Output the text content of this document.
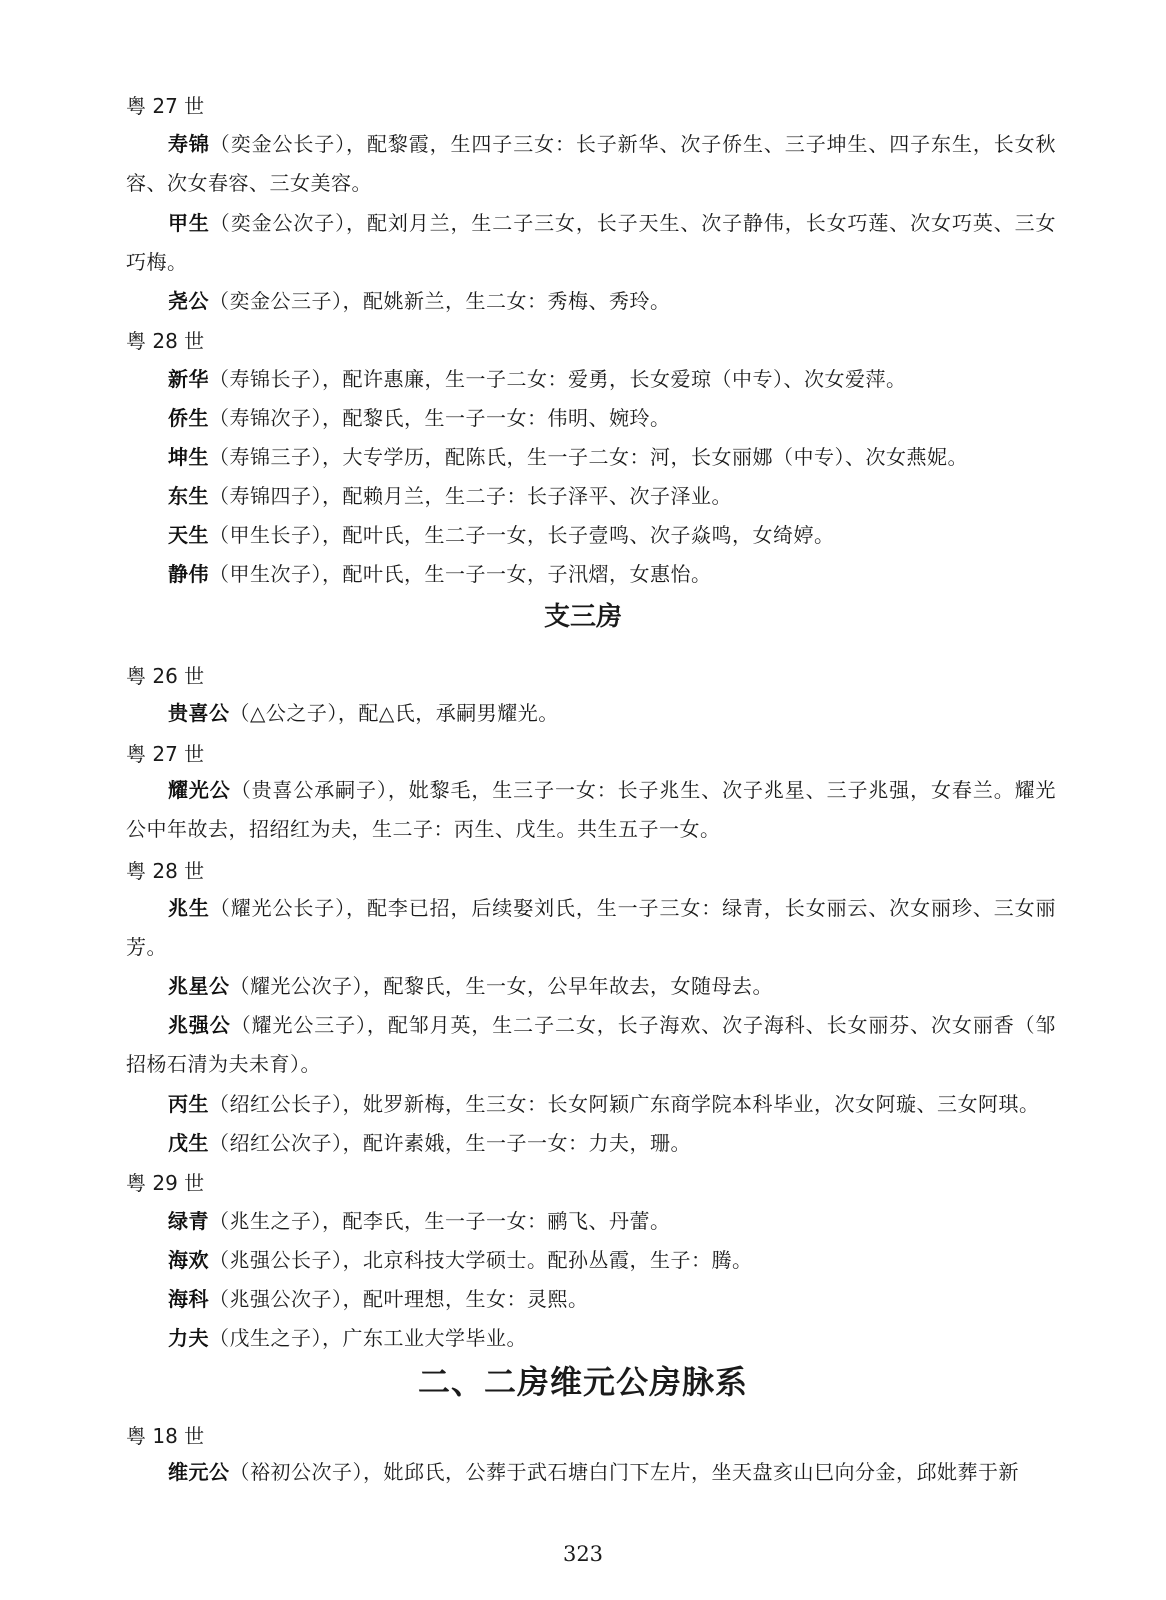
粤 27 世

寿锦（奕金公长子），配黎霞，生四子三女：长子新华、次子侨生、三子坤生、四子东生，长女秋容、次女春容、三女美容。

甲生（奕金公次子），配刘月兰，生二子三女，长子天生、次子静伟，长女巧莲、次女巧英、三女巧梅。

尧公（奕金公三子），配姚新兰，生二女：秀梅、秀玲。

粤 28 世

新华（寿锦长子），配许惠廉，生一子二女：爱勇，长女爱琼（中专）、次女爱萍。

侨生（寿锦次子），配黎氏，生一子一女：伟明、婉玲。

坤生（寿锦三子），大专学历，配陈氏，生一子二女：河，长女丽娜（中专）、次女燕妮。

东生（寿锦四子），配赖月兰，生二子：长子泽平、次子泽业。

天生（甲生长子），配叶氏，生二子一女，长子壹鸣、次子焱鸣，女绮婷。

静伟（甲生次子），配叶氏，生一子一女，子汛熠，女惠怡。

支三房
粤 26 世

贵喜公（△公之子），配△氏，承嗣男耀光。

粤 27 世

耀光公（贵喜公承嗣子），妣黎毛，生三子一女：长子兆生、次子兆星、三子兆强，女春兰。耀光公中年故去，招绍红为夫，生二子：丙生、戊生。共生五子一女。

粤 28 世

兆生（耀光公长子），配李已招，后续娶刘氏，生一子三女：绿青，长女丽云、次女丽珍、三女丽芳。

兆星公（耀光公次子），配黎氏，生一女，公早年故去，女随母去。

兆强公（耀光公三子），配邹月英，生二子二女，长子海欢、次子海科、长女丽芬、次女丽香（邹招杨石清为夫未育）。

丙生（绍红公长子），妣罗新梅，生三女：长女阿颖广东商学院本科毕业，次女阿璇、三女阿琪。

戊生（绍红公次子），配许素娥，生一子一女：力夫，珊。

粤 29 世

绿青（兆生之子），配李氏，生一子一女：鹂飞、丹蕾。

海欢（兆强公长子），北京科技大学硕士。配孙丛霞，生子：腾。

海科（兆强公次子），配叶理想，生女：灵熙。

力夫（戊生之子），广东工业大学毕业。

二、二房维元公房脉系
粤 18 世

维元公（裕初公次子），妣邱氏，公葬于武石塘白门下左片，坐天盘亥山巳向分金，邱妣葬于新

323
